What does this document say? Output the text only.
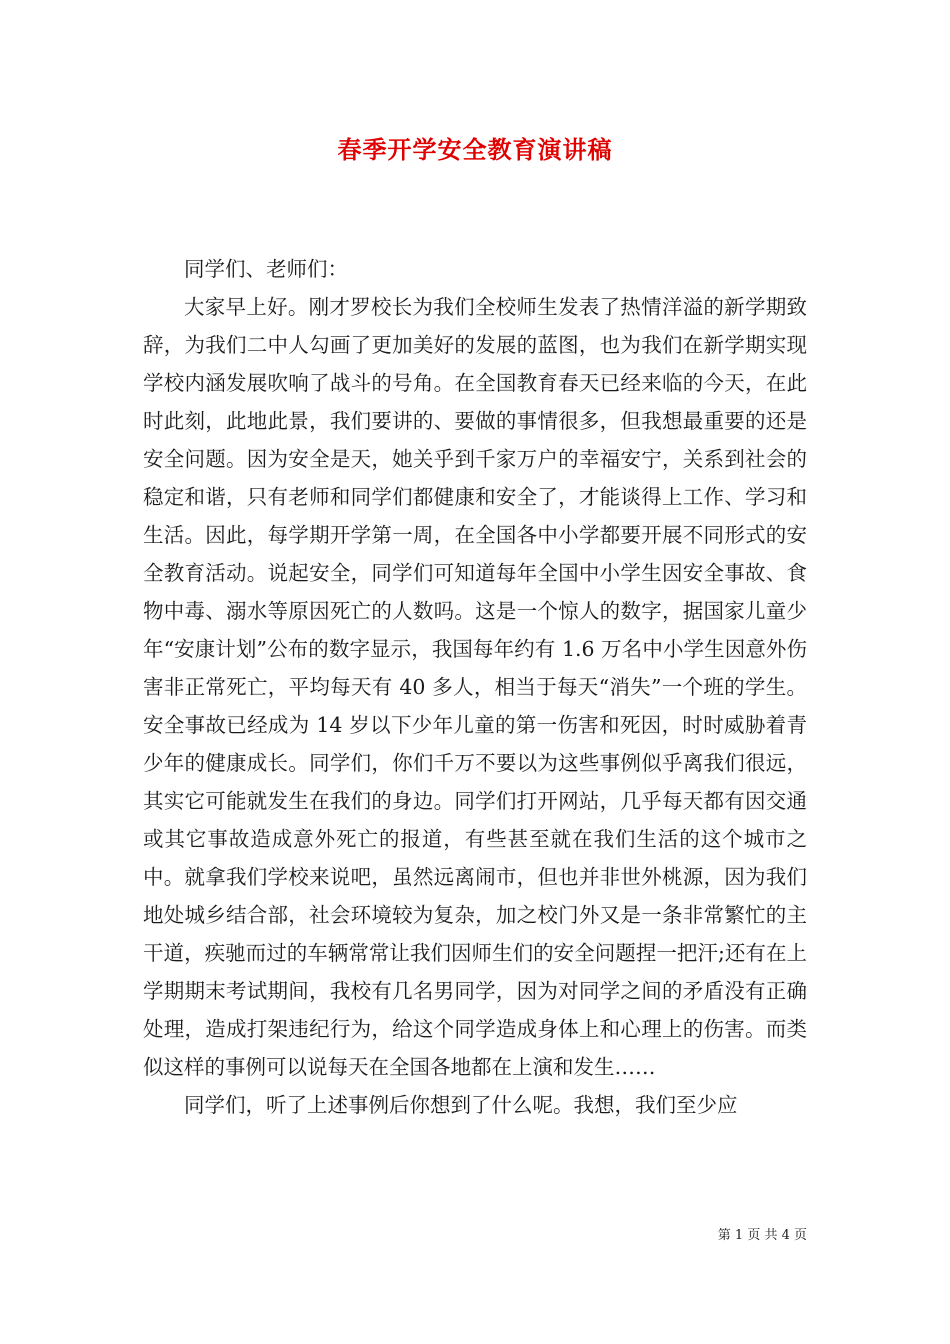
春季开学安全教育演讲稿

同学们、老师们：

大家早上好。刚才罗校长为我们全校师生发表了热情洋溢的新学期致辞，为我们二中人勾画了更加美好的发展的蓝图，也为我们在新学期实现学校内涵发展吹响了战斗的号角。在全国教育春天已经来临的今天，在此时此刻，此地此景，我们要讲的、要做的事情很多，但我想最重要的还是安全问题。因为安全是天，她关乎到千家万户的幸福安宁，关系到社会的稳定和谐，只有老师和同学们都健康和安全了，才能谈得上工作、学习和生活。因此，每学期开学第一周，在全国各中小学都要开展不同形式的安全教育活动。说起安全，同学们可知道每年全国中小学生因安全事故、食物中毒、溺水等原因死亡的人数吗。这是一个惊人的数字，据国家儿童少年“安康计划”公布的数字显示，我国每年约有 1.6 万名中小学生因意外伤害非正常死亡，平均每天有 40 多人，相当于每天“消失”一个班的学生。安全事故已经成为 14 岁以下少年儿童的第一伤害和死因，时时威胁着青少年的健康成长。同学们，你们千万不要以为这些事例似乎离我们很远，其实它可能就发生在我们的身边。同学们打开网站，几乎每天都有因交通或其它事故造成意外死亡的报道，有些甚至就在我们生活的这个城市之中。就拿我们学校来说吧，虽然远离闹市，但也并非世外桃源，因为我们地处城乡结合部，社会环境较为复杂，加之校门外又是一条非常繁忙的主干道，疾驰而过的车辆常常让我们因师生们的安全问题捏一把汗;还有在上学期期末考试期间，我校有几名男同学，因为对同学之间的矛盾没有正确处理，造成打架违纪行为，给这个同学造成身体上和心理上的伤害。而类似这样的事例可以说每天在全国各地都在上演和发生……

同学们，听了上述事例后你想到了什么呢。我想，我们至少应

第 1 页 共 4 页
